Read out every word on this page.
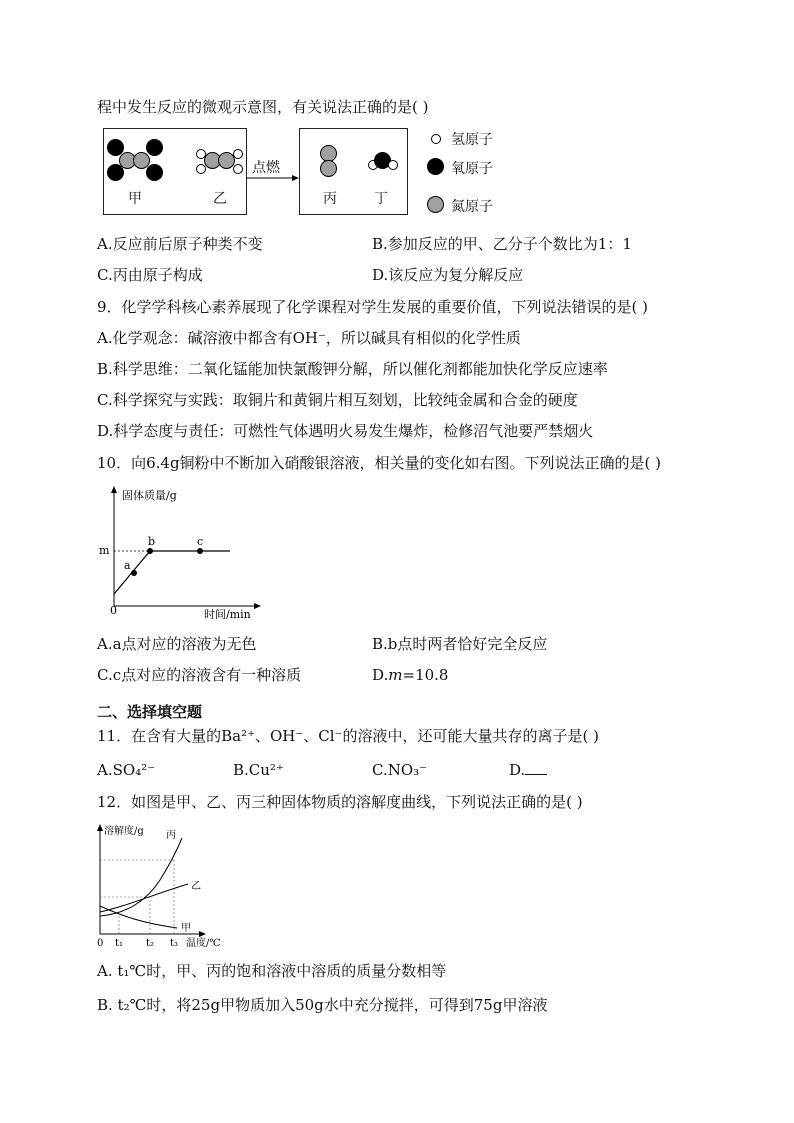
程中发生反应的微观示意图，有关说法正确的是( )
甲	乙
点燃
丙	丁
氢原子
氧原子
氮原子
A.反应前后原子种类不变	B.参加反应的甲、乙分子个数比为1：1
C.丙由原子构成	D.该反应为复分解反应
9．化学学科核心素养展现了化学课程对学生发展的重要价值，下列说法错误的是( )
A.化学观念：碱溶液中都含有OH⁻，所以碱具有相似的化学性质
B.科学思维：二氧化锰能加快氯酸钾分解，所以催化剂都能加快化学反应速率
C.科学探究与实践：取铜片和黄铜片相互刻划，比较纯金属和合金的硬度
D.科学态度与责任：可燃性气体遇明火易发生爆炸，检修沼气池要严禁烟火
10．向6.4g铜粉中不断加入硝酸银溶液，相关量的变化如右图。下列说法正确的是( )
固体质量/g
时间/min
0
m
a
b	c
A.a点对应的溶液为无色	B.b点时两者恰好完全反应
C.c点对应的溶液含有一种溶质	D.m=10.8
二、选择填空题
11．在含有大量的Ba²⁺、OH⁻、Cl⁻的溶液中，还可能大量共存的离子是( )
A.SO₄²⁻	B.Cu²⁺	C.NO₃⁻	D.
12．如图是甲、乙、丙三种固体物质的溶解度曲线，下列说法正确的是( )
溶解度/g
温度/℃
0 t₁ t₂ t₃
丙
乙
甲
A. t₁℃时，甲、丙的饱和溶液中溶质的质量分数相等
B. t₂℃时，将25g甲物质加入50g水中充分搅拌，可得到75g甲溶液
